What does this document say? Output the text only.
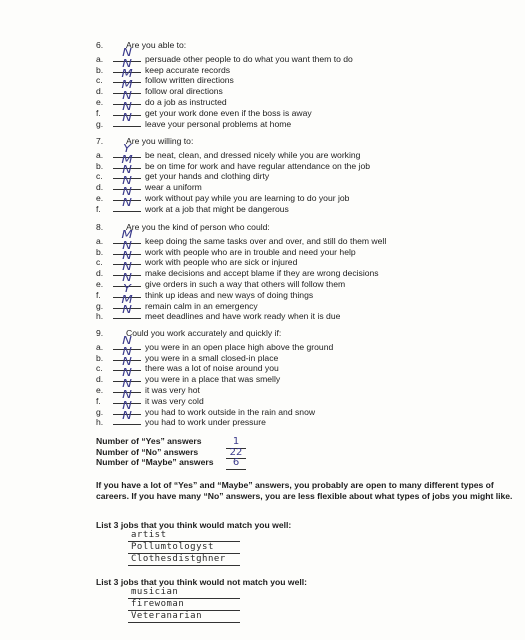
6.	Are you able to:
a.	N	persuade other people to do what you want them to do
b.	N	keep accurate records
c.	M	follow written directions
d.	M	follow oral directions
e.	N	do a job as instructed
f.	N	get your work done even if the boss is away
g.	N	leave your personal problems at home
7.	Are you willing to:
a.	Y	be neat, clean, and dressed nicely while you are working
b.	M	be on time for work and have regular attendance on the job
c.	N	get your hands and clothing dirty
d.	N	wear a uniform
e.	N	work without pay while you are learning to do your job
f.	N	work at a job that might be dangerous
8.	Are you the kind of person who could:
a.	M	keep doing the same tasks over and over, and still do them well
b.	N	work with people who are in trouble and need your help
c.	N	work with people who are sick or injured
d.	N	make decisions and accept blame if they are wrong decisions
e.	N	give orders in such a way that others will follow them
f.	Y	think up ideas and new ways of doing things
g.	M	remain calm in an emergency
h.	N	meet deadlines and have work ready when it is due
9.	Could you work accurately and quickly if:
a.	N	you were in an open place high above the ground
b.	N	you were in a small closed-in place
c.	N	there was a lot of noise around you
d.	N	you were in a place that was smelly
e.	N	it was very hot
f.	N	it was very cold
g.	N	you had to work outside in the rain and snow
h.	N	you had to work under pressure
Number of “Yes” answers	1
Number of “No” answers	22
Number of “Maybe” answers	6
If you have a lot of “Yes” and “Maybe” answers, you probably are open to many different types of careers. If you have many “No” answers, you are less flexible about what types of jobs you might like.
List 3 jobs that you think would match you well:
artist
Pollumtologyst
Clothesdistghner
List 3 jobs that you think would not match you well:
musician
firewoman
Veteranarian
